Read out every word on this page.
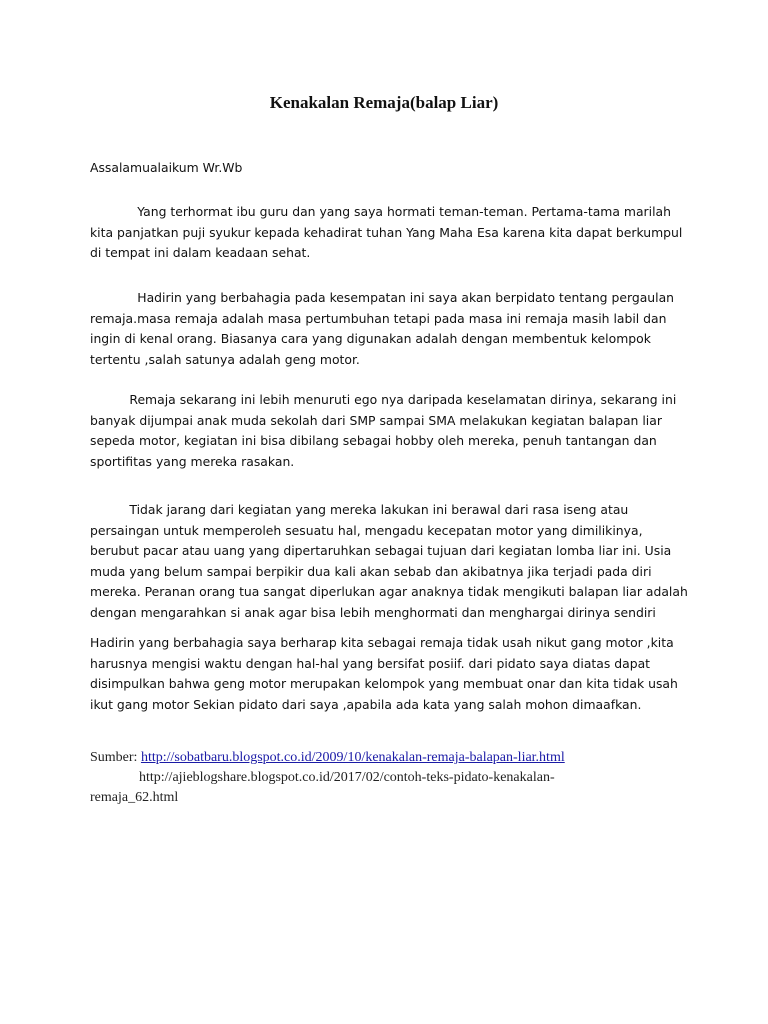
Kenakalan Remaja(balap Liar)

Assalamualaikum Wr.Wb

Yang terhormat ibu guru dan yang saya hormati teman-teman. Pertama-tama marilah
kita panjatkan puji syukur kepada kehadirat tuhan Yang Maha Esa karena kita dapat berkumpul
di tempat ini dalam keadaan sehat.

Hadirin yang berbahagia pada kesempatan ini saya akan berpidato tentang pergaulan
remaja.masa remaja adalah masa pertumbuhan tetapi pada masa ini remaja masih labil dan
ingin di kenal orang. Biasanya cara yang digunakan adalah dengan membentuk kelompok
tertentu ,salah satunya adalah geng motor.

Remaja sekarang ini lebih menuruti ego nya daripada keselamatan dirinya, sekarang ini
banyak dijumpai anak muda sekolah dari SMP sampai SMA melakukan kegiatan balapan liar
sepeda motor, kegiatan ini bisa dibilang sebagai hobby oleh mereka, penuh tantangan dan
sportifitas yang mereka rasakan.

Tidak jarang dari kegiatan yang mereka lakukan ini berawal dari rasa iseng atau
persaingan untuk memperoleh sesuatu hal, mengadu kecepatan motor yang dimilikinya,
berubut pacar atau uang yang dipertaruhkan sebagai tujuan dari kegiatan lomba liar ini. Usia
muda yang belum sampai berpikir dua kali akan sebab dan akibatnya jika terjadi pada diri
mereka. Peranan orang tua sangat diperlukan agar anaknya tidak mengikuti balapan liar adalah
dengan mengarahkan si anak agar bisa lebih menghormati dan menghargai dirinya sendiri

Hadirin yang berbahagia saya berharap kita sebagai remaja tidak usah nikut gang motor ,kita
harusnya mengisi waktu dengan hal-hal yang bersifat posiif. dari pidato saya diatas dapat
disimpulkan bahwa geng motor merupakan kelompok yang membuat onar dan kita tidak usah
ikut gang motor Sekian pidato dari saya ,apabila ada kata yang salah mohon dimaafkan.

Sumber: http://sobatbaru.blogspot.co.id/2009/10/kenakalan-remaja-balapan-liar.html
http://ajieblogshare.blogspot.co.id/2017/02/contoh-teks-pidato-kenakalan-
remaja_62.html
